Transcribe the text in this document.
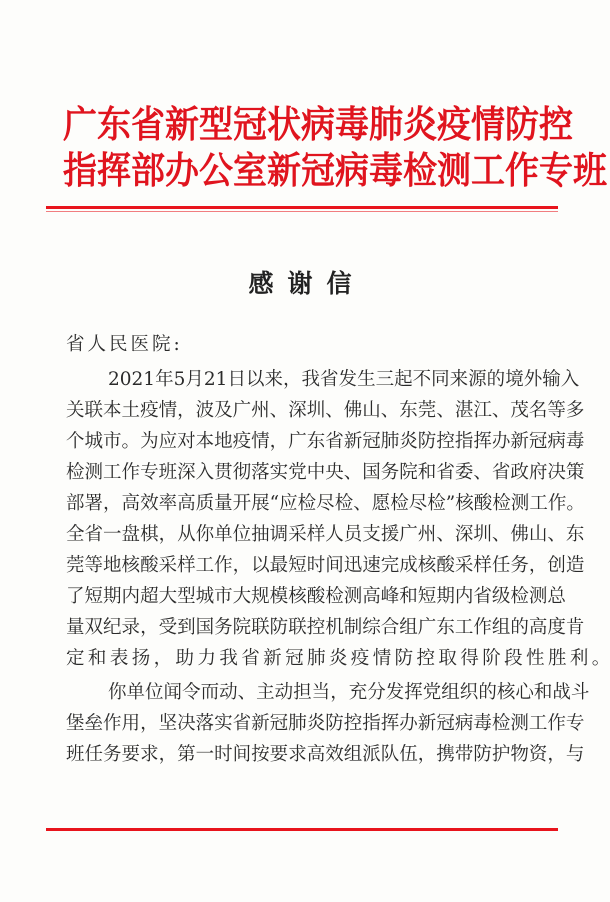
广 东 省 新 型 冠 状 病 毒 肺 炎 疫 情 防 控
指 挥 部 办 公 室 新 冠 病 毒 检 测 工 作 专 班
感谢信
省人民医院:
2021 年 5 月 21 日 以 来 ， 我 省 发 生 三 起 不 同 来 源 的 境 外 输 入
关 联 本 土 疫 情 ， 波 及 广 州 、 深 圳 、 佛 山 、 东 莞 、 湛 江 、 茂 名 等 多
个 城 市 。 为 应 对 本 地 疫 情 ， 广 东 省 新 冠 肺 炎 防 控 指 挥 办 新 冠 病 毒
检 测 工 作 专 班 深 入 贯 彻 落 实 党 中 央 、 国 务 院 和 省 委 、 省 政 府 决 策
部 署 ， 高 效 率 高 质 量 开 展 “ 应 检 尽 检 、 愿 检 尽 检 ” 核 酸 检 测 工 作 。
全 省 一 盘 棋 ， 从 你 单 位 抽 调 采 样 人 员 支 援 广 州 、 深 圳 、 佛 山 、 东
莞 等 地 核 酸 采 样 工 作 ， 以 最 短 时 间 迅 速 完 成 核 酸 采 样 任 务 ， 创 造
了 短 期 内 超 大 型 城 市 大 规 模 核 酸 检 测 高 峰 和 短 期 内 省 级 检 测 总
量 双 纪 录 ， 受 到 国 务 院 联 防 联 控 机 制 综 合 组 广 东 工 作 组 的 高 度 肯
定 和 表 扬 ， 助 力 我 省 新 冠 肺 炎 疫 情 防 控 取 得 阶 段 性 胜 利 。
你 单 位 闻 令 而 动 、 主 动 担 当 ， 充 分 发 挥 党 组 织 的 核 心 和 战 斗
堡 垒 作 用 ， 坚 决 落 实 省 新 冠 肺 炎 防 控 指 挥 办 新 冠 病 毒 检 测 工 作 专
班 任 务 要 求 ， 第 一 时 间 按 要 求 高 效 组 派 队 伍 ， 携 带 防 护 物 资 ， 与
